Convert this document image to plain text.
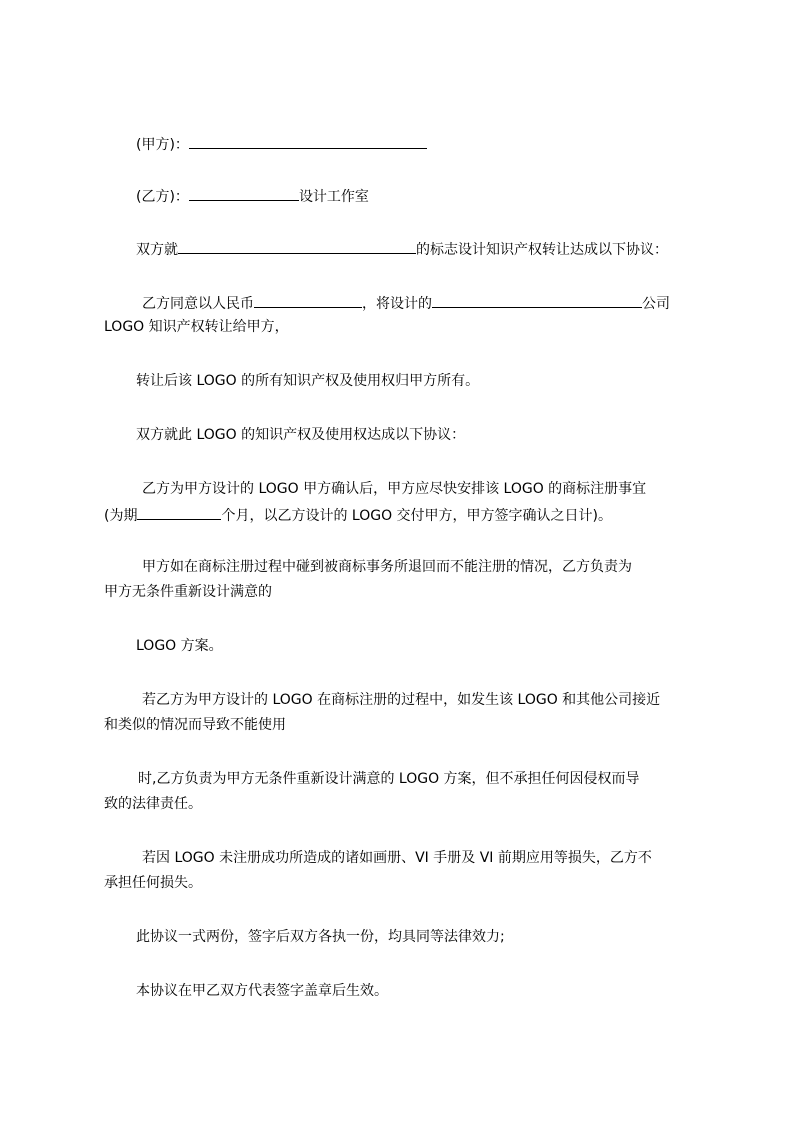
(甲方)：
(乙方)：	设计工作室
双方就	的标志设计知识产权转让达成以下协议：
乙方同意以人民币	，将设计的	公司
LOGO 知识产权转让给甲方，
转让后该 LOGO 的所有知识产权及使用权归甲方所有。
双方就此 LOGO 的知识产权及使用权达成以下协议：
乙方为甲方设计的 LOGO 甲方确认后，甲方应尽快安排该 LOGO 的商标注册事宜
(为期	个月，以乙方设计的 LOGO 交付甲方，甲方签字确认之日计)。
甲方如在商标注册过程中碰到被商标事务所退回而不能注册的情况，乙方负责为
甲方无条件重新设计满意的
LOGO 方案。
若乙方为甲方设计的 LOGO 在商标注册的过程中，如发生该 LOGO 和其他公司接近
和类似的情况而导致不能使用
时,乙方负责为甲方无条件重新设计满意的 LOGO 方案，但不承担任何因侵权而导
致的法律责任。
若因 LOGO 未注册成功所造成的诸如画册、VI 手册及 VI 前期应用等损失，乙方不
承担任何损失。
此协议一式两份，签字后双方各执一份，均具同等法律效力;
本协议在甲乙双方代表签字盖章后生效。
